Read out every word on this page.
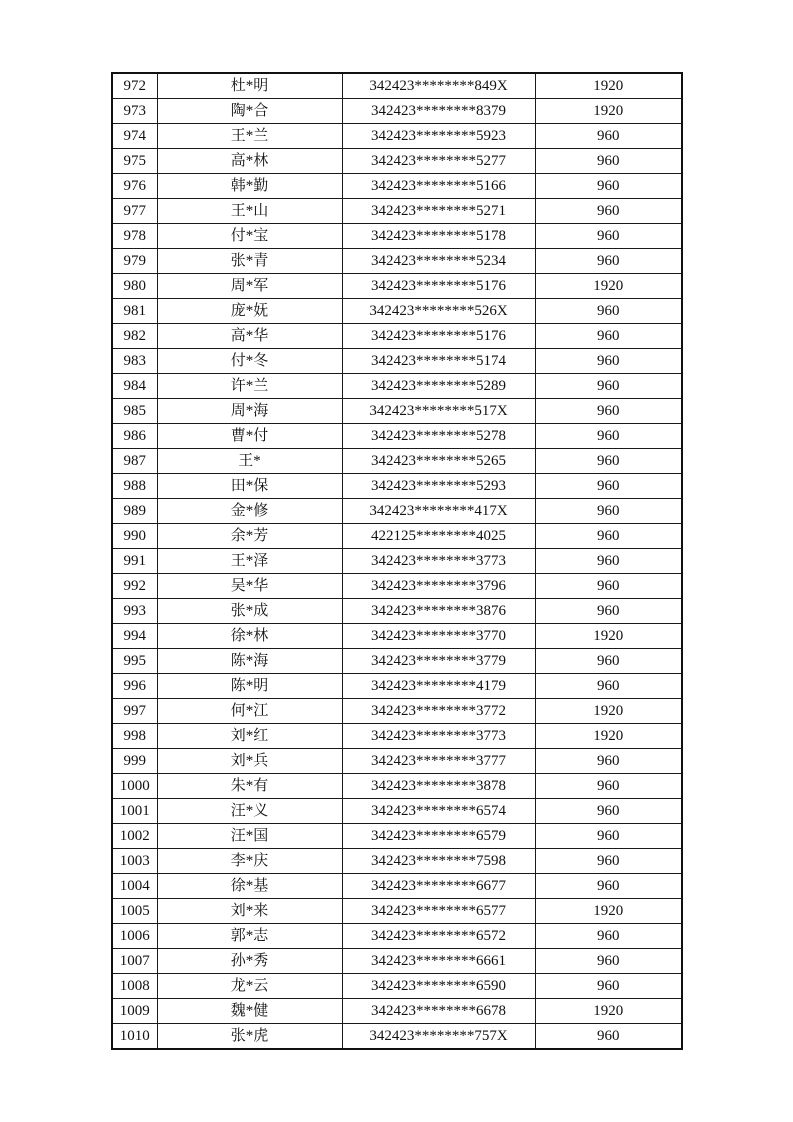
972	杜*明	342423********849X	1920
973	陶*合	342423********8379	1920
974	王*兰	342423********5923	960
975	高*林	342423********5277	960
976	韩*勤	342423********5166	960
977	王*山	342423********5271	960
978	付*宝	342423********5178	960
979	张*青	342423********5234	960
980	周*军	342423********5176	1920
981	庞*妩	342423********526X	960
982	高*华	342423********5176	960
983	付*冬	342423********5174	960
984	许*兰	342423********5289	960
985	周*海	342423********517X	960
986	曹*付	342423********5278	960
987	王*	342423********5265	960
988	田*保	342423********5293	960
989	金*修	342423********417X	960
990	余*芳	422125********4025	960
991	王*泽	342423********3773	960
992	吴*华	342423********3796	960
993	张*成	342423********3876	960
994	徐*林	342423********3770	1920
995	陈*海	342423********3779	960
996	陈*明	342423********4179	960
997	何*江	342423********3772	1920
998	刘*红	342423********3773	1920
999	刘*兵	342423********3777	960
1000	朱*有	342423********3878	960
1001	汪*义	342423********6574	960
1002	汪*国	342423********6579	960
1003	李*庆	342423********7598	960
1004	徐*基	342423********6677	960
1005	刘*来	342423********6577	1920
1006	郭*志	342423********6572	960
1007	孙*秀	342423********6661	960
1008	龙*云	342423********6590	960
1009	魏*健	342423********6678	1920
1010	张*虎	342423********757X	960
